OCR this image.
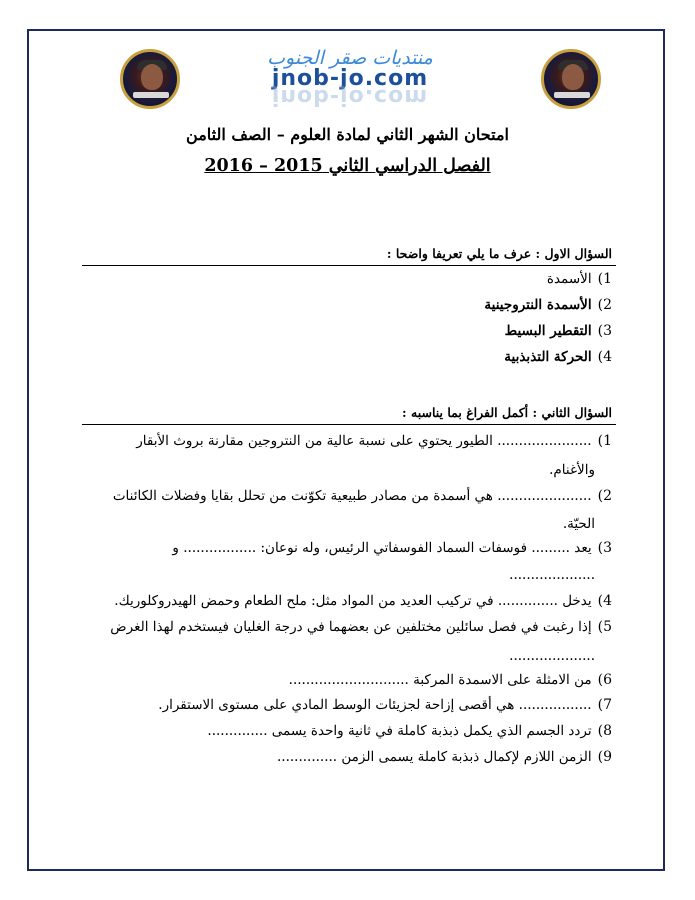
منتديات صقر الجنوب
jnob-jo.com
jnob-jo.com
امتحان الشهر الثاني لمادة العلوم – الصف الثامن
الفصل الدراسي الثاني 2015 – 2016
السؤال الاول : عرف ما يلي تعريفا واضحا :
1)الأسمدة
2)الأسمدة النتروجينية
3)التقطير البسيط
4)الحركة التذبذبية
السؤال الثاني : أكمل الفراغ بما يناسبه :
1)...................... الطيور يحتوي على نسبة عالية من النتروجين مقارنة بروث الأبقار
والأغنام.
2)...................... هي أسمدة من مصادر طبيعية تكوّنت من تحلل بقايا وفضلات الكائنات
الحيّة.
3)يعد ......... فوسفات السماد الفوسفاتي الرئيس، وله نوعان: ................. و
....................
4)يدخل .............. في تركيب العديد من المواد مثل: ملح الطعام وحمض الهيدروكلوريك.
5)إذا رغبت في فصل سائلين مختلفين عن بعضهما في درجة الغليان فيستخدم لهذا الغرض
....................
6)من الامثلة على الاسمدة المركبة ............................
7)................. هي أقصى إزاحة لجزيئات الوسط المادي على مستوى الاستقرار.
8)تردد الجسم الذي يكمل ذبذبة كاملة في ثانية واحدة يسمى ..............
9)الزمن اللازم لإكمال ذبذبة كاملة يسمى الزمن ..............
